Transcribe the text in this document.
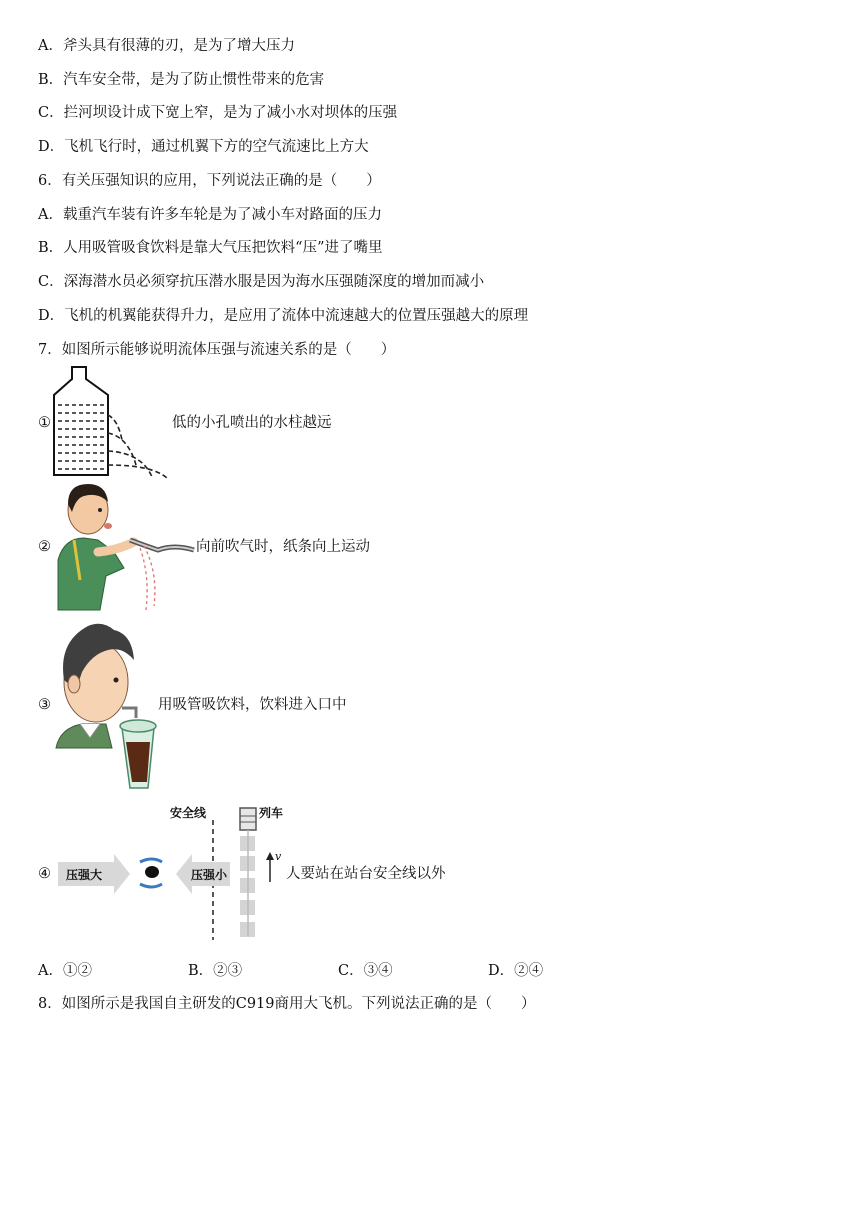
A．斧头具有很薄的刃，是为了增大压力
B．汽车安全带，是为了防止惯性带来的危害
C．拦河坝设计成下宽上窄，是为了减小水对坝体的压强
D．飞机飞行时，通过机翼下方的空气流速比上方大
6．有关压强知识的应用，下列说法正确的是（　　）
A．载重汽车装有许多车轮是为了减小车对路面的压力
B．人用吸管吸食饮料是靠大气压把饮料“压”进了嘴里
C．深海潜水员必须穿抗压潜水服是因为海水压强随深度的增加而减小
D．飞机的机翼能获得升力，是应用了流体中流速越大的位置压强越大的原理
7．如图所示能够说明流体压强与流速关系的是（　　）
①	低的小孔喷出的水柱越远
②	向前吹气时，纸条向上运动
③	用吸管吸饮料，饮料进入口中
④
安全线	列车
压强大	压强小
v
人要站在站台安全线以外
A．①②	B．②③	C．③④	D．②④
8．如图所示是我国自主研发的C919商用大飞机。下列说法正确的是（　　）
